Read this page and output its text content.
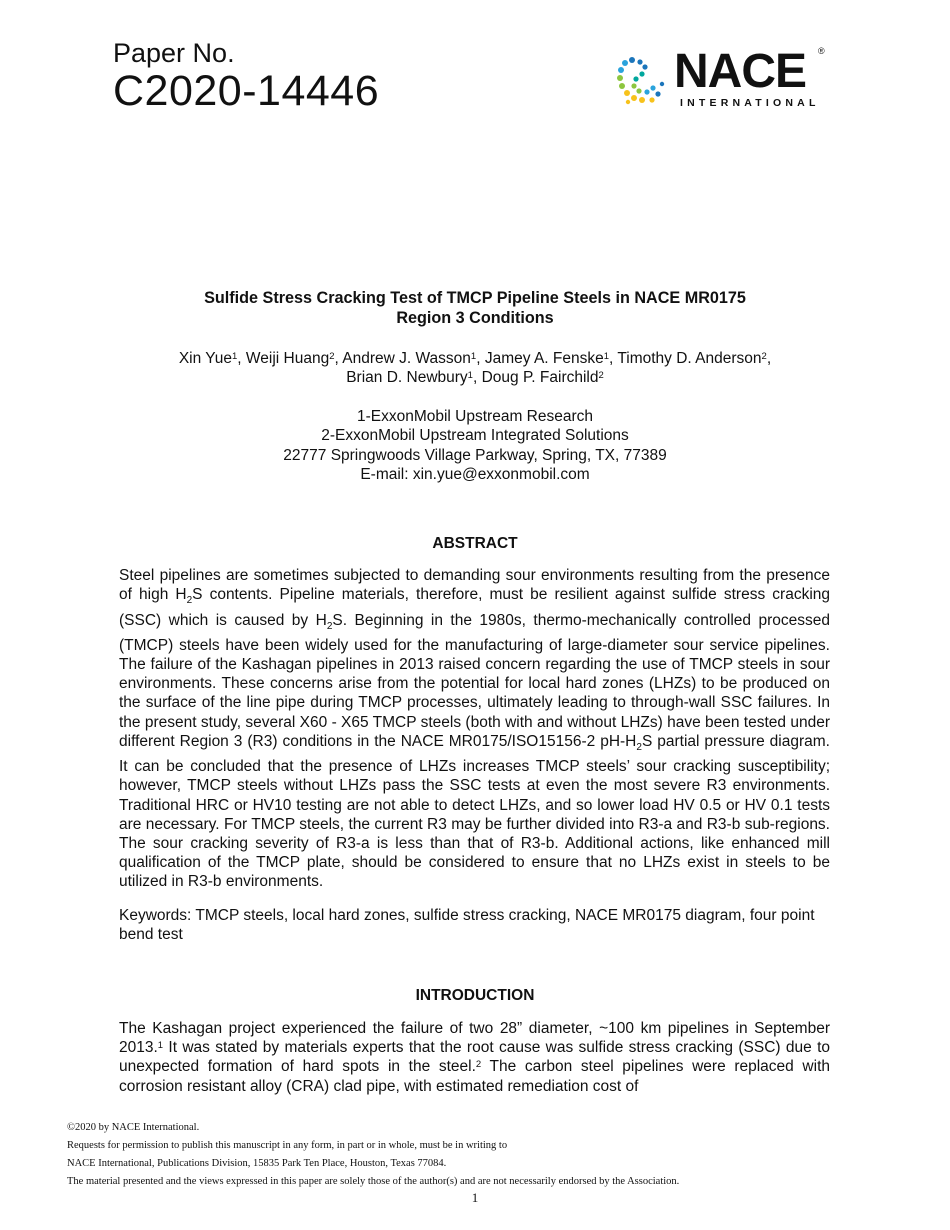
Paper No.
C2020-14446	NACE ®
INTERNATIONAL
Sulfide Stress Cracking Test of TMCP Pipeline Steels in NACE MR0175
Region 3 Conditions
Xin Yue$^1$, Weiji Huang$^2$, Andrew J. Wasson$^1$, Jamey A. Fenske$^1$, Timothy D. Anderson$^2$,
Brian D. Newbury$^1$, Doug P. Fairchild$^2$
1-ExxonMobil Upstream Research
2-ExxonMobil Upstream Integrated Solutions
22777 Springwoods Village Parkway, Spring, TX, 77389
E-mail: xin.yue@exxonmobil.com
ABSTRACT
Steel pipelines are sometimes subjected to demanding sour environments resulting from the presence of high $H_2S$ contents. Pipeline materials, therefore, must be resilient against sulfide stress cracking (SSC) which is caused by $H_2S$. Beginning in the 1980s, thermo-mechanically controlled processed (TMCP) steels have been widely used for the manufacturing of large-diameter sour service pipelines. The failure of the Kashagan pipelines in 2013 raised concern regarding the use of TMCP steels in sour environments. These concerns arise from the potential for local hard zones (LHZs) to be produced on the surface of the line pipe during TMCP processes, ultimately leading to through-wall SSC failures. In the present study, several X60 - X65 TMCP steels (both with and without LHZs) have been tested under different Region 3 (R3) conditions in the NACE MR0175/ISO15156-2 $pH-H_2S$ partial pressure diagram. It can be concluded that the presence of LHZs increases TMCP steels’ sour cracking susceptibility; however, TMCP steels without LHZs pass the SSC tests at even the most severe R3 environments. Traditional HRC or HV10 testing are not able to detect LHZs, and so lower load HV 0.5 or HV 0.1 tests are necessary. For TMCP steels, the current R3 may be further divided into R3-a and R3-b sub-regions. The sour cracking severity of R3-a is less than that of R3-b. Additional actions, like enhanced mill qualification of the TMCP plate, should be considered to ensure that no LHZs exist in steels to be utilized in R3-b environments.
Keywords: TMCP steels, local hard zones, sulfide stress cracking, NACE MR0175 diagram, four point bend test
INTRODUCTION
The Kashagan project experienced the failure of two 28” diameter, ~100 km pipelines in September 2013.$^1$ It was stated by materials experts that the root cause was sulfide stress cracking (SSC) due to unexpected formation of hard spots in the steel.$^2$ The carbon steel pipelines were replaced with corrosion resistant alloy (CRA) clad pipe, with estimated remediation cost of
©2020 by NACE International.
Requests for permission to publish this manuscript in any form, in part or in whole, must be in writing to
NACE International, Publications Division, 15835 Park Ten Place, Houston, Texas 77084.
The material presented and the views expressed in this paper are solely those of the author(s) and are not necessarily endorsed by the Association.
1
